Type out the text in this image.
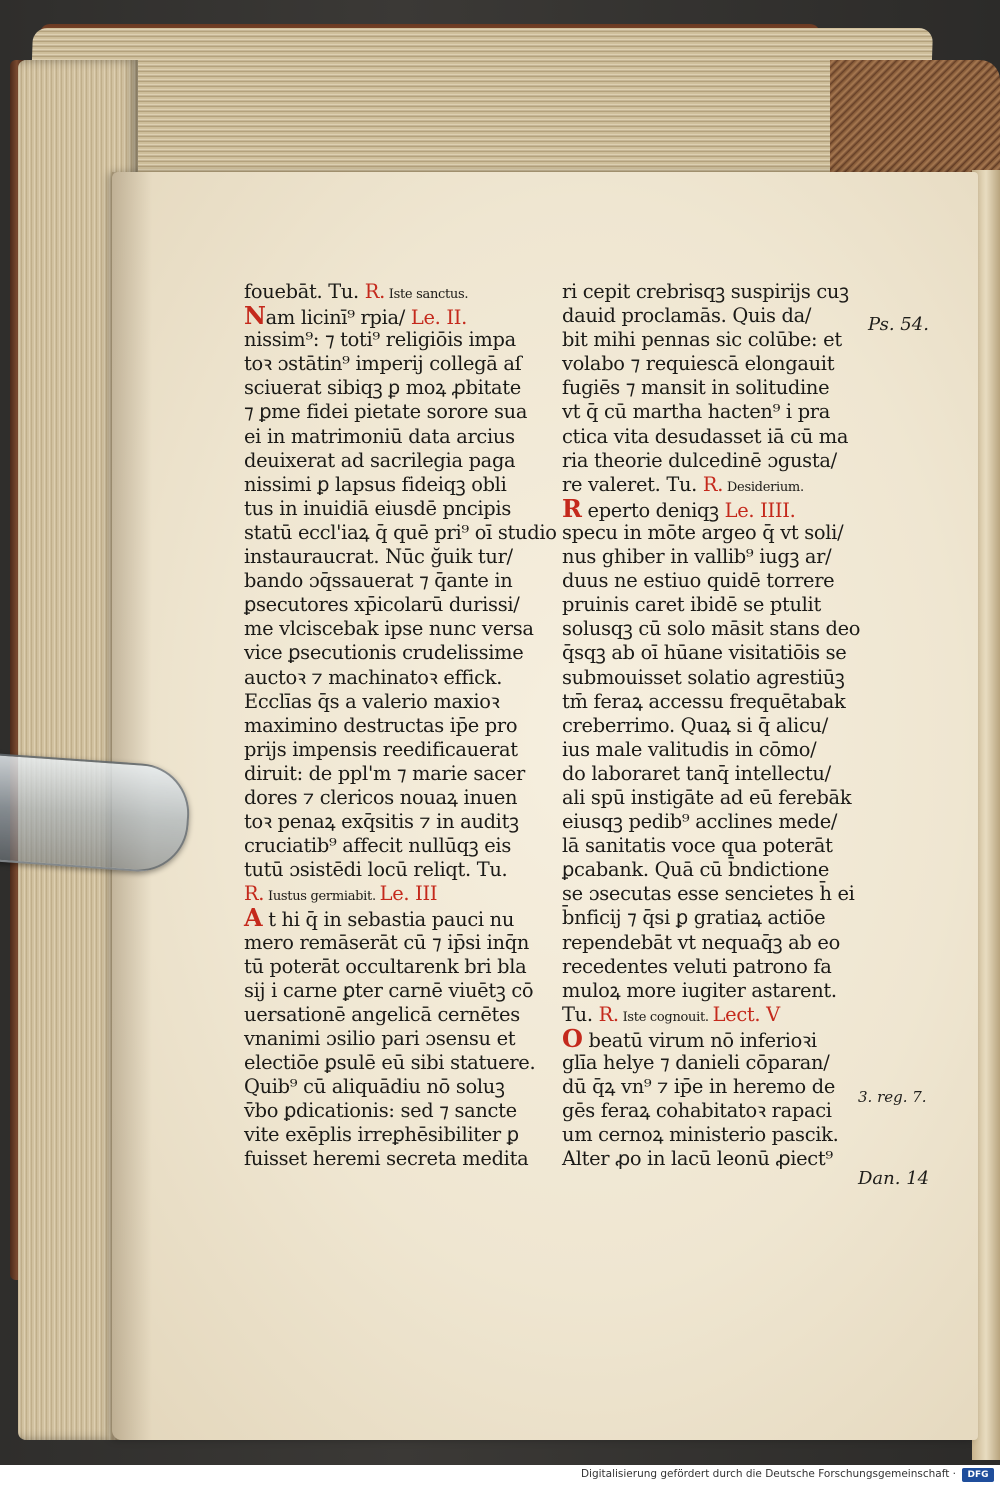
fouebāt. Tu. R. Iste sanctus.
Nam licinī⁹ rpia/ Le. II.
nissim⁹: ⁊ toti⁹ religiōis impa
toꝛ ɔstātin⁹ imperij collegā aſ
sciuerat sibiqꝫ ꝑ moꝝ ꝓbitate
⁊ ꝑme fidei pietate sorore sua
ei in matrimoniū data arcius
deuixerat ad sacrilegia paga
nissimi ꝑ lapsus fideiqꝫ obli
tus in inuidiā eiusdē pncipis
statū eccl'iaꝝ q̄ quē pri⁹ oī studio
instauraucrat. Nūc ğuik tur/
bando ɔq̄ssauerat ⁊ q̄ante in
ꝑsecutores xp̄icolarū durissi/
me vlciscebak ipse nunc versa
vice ꝑsecutionis crudelissime
auctoꝛ ⁊ machinatoꝛ effick.
Ecclīas q̄s a valerio maxioꝛ
maximino destructas ip̄e pro
prijs impensis reedificauerat
diruit: de ppl'm ⁊ marie sacer
dores ⁊ clericos nouaꝝ inuen
toꝛ penaꝝ exq̄sitis ⁊ in auditꝫ
cruciatib⁹ affecit nullūqꝫ eis
tutū ɔsistēdi locū reliqt. Tu.
R. Iustus germiabit. Le. III
A t hi q̄ in sebastia pauci nu
mero remāserāt cū ⁊ ip̄si inq̄n
tū poterāt occultarenk bri bla
sij i carne ꝑter carnē viuētꝫ cō
uersationē angelicā cernētes
vnanimi ɔsilio pari ɔsensu et
electiōe ꝑsulē eū sibi statuere.
Quib⁹ cū aliquādiu nō soluꝫ
v̄bo ꝑdicationis: sed ⁊ sancte
vite exēplis irreꝑhēsibiliter ꝑ
fuisset heremi secreta medita
ri cepit crebrisqꝫ suspirijs cuꝫ
dauid proclamās. Quis da/
bit mihi pennas sic colūbe: et
volabo ⁊ requiescā elongauit
fugiēs ⁊ mansit in solitudine
vt q̄ cū martha hacten⁹ i pra
ctica vita desudasset iā cū ma
ria theorie dulcedinē ɔgusta/
re valeret. Tu. R. Desiderium.
R eperto deniqꝫ Le. IIII.
specu in mōte argeo q̄ vt soli/
nus ghiber in vallib⁹ iugꝫ ar/
duus ne estiuo quidē torrere
pruinis caret ibidē se ptulit
solusqꝫ cū solo māsit stans deo
q̄sqꝫ ab oī hūane visitatiōis se
submouisset solatio agrestiūꝫ
tm̄ feraꝝ accessu frequētabak
creberrimo. Quaꝝ si q̄ alicu/
ius male valitudis in cōmo/
do laboraret tanq̄ intellectu/
ali spū instigāte ad eū ferebāk
eiusqꝫ pedib⁹ acclines mede/
lā sanitatis voce qua poterāt
ꝑcabank. Quā cū b̄ndictione
se ɔsecutas esse sencietes h̄ ei
b̄nficij ⁊ q̄si ꝑ gratiaꝝ actiōe
rependebāt vt nequaq̄ꝫ ab eo
recedentes veluti patrono fa
muloꝝ more iugiter astarent.
Tu. R. Iste cognouit. Lect. V
O beatū virum nō inferioꝛi
glīa helye ⁊ danieli cōparan/
dū q̄ꝝ vn⁹ ⁊ ip̄e in heremo de
gēs feraꝝ cohabitatoꝛ rapaci
um cernoꝝ ministerio pascik.
Alter ꝓo in lacū leonū ꝓiect⁹
Ps. 54.
3. reg. 7.
Dan. 14
Digitalisierung gefördert durch die Deutsche Forschungsgemeinschaft ·	DFG
